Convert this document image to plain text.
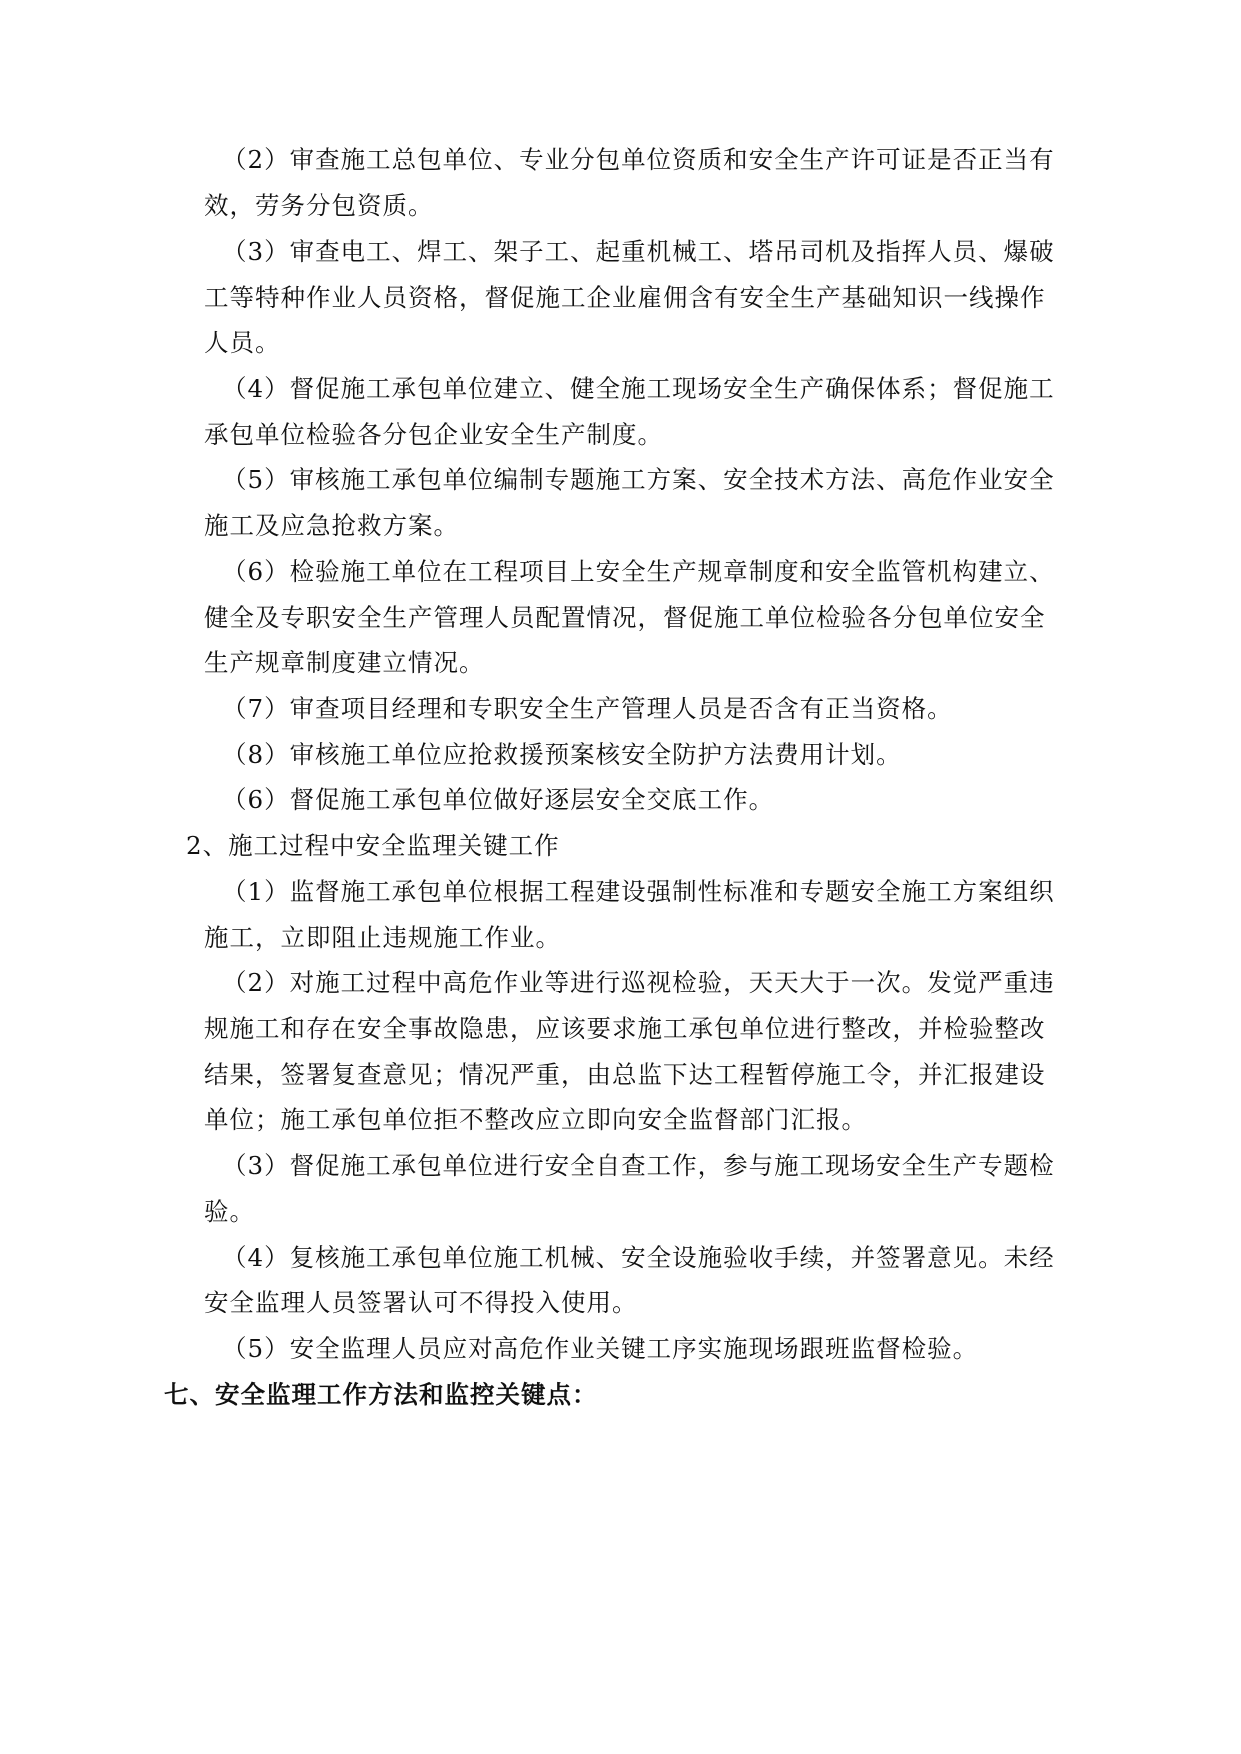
（2）审查施工总包单位、专业分包单位资质和安全生产许可证是否正当有
效，劳务分包资质。
（3）审查电工、焊工、架子工、起重机械工、塔吊司机及指挥人员、爆破
工等特种作业人员资格，督促施工企业雇佣含有安全生产基础知识一线操作
人员。
（4）督促施工承包单位建立、健全施工现场安全生产确保体系；督促施工
承包单位检验各分包企业安全生产制度。
（5）审核施工承包单位编制专题施工方案、安全技术方法、高危作业安全
施工及应急抢救方案。
（6）检验施工单位在工程项目上安全生产规章制度和安全监管机构建立、
健全及专职安全生产管理人员配置情况，督促施工单位检验各分包单位安全
生产规章制度建立情况。
（7）审查项目经理和专职安全生产管理人员是否含有正当资格。
（8）审核施工单位应抢救援预案核安全防护方法费用计划。
（6）督促施工承包单位做好逐层安全交底工作。
2、施工过程中安全监理关键工作
（1）监督施工承包单位根据工程建设强制性标准和专题安全施工方案组织
施工，立即阻止违规施工作业。
（2）对施工过程中高危作业等进行巡视检验，天天大于一次。发觉严重违
规施工和存在安全事故隐患，应该要求施工承包单位进行整改，并检验整改
结果，签署复查意见；情况严重，由总监下达工程暂停施工令，并汇报建设
单位；施工承包单位拒不整改应立即向安全监督部门汇报。
（3）督促施工承包单位进行安全自查工作，参与施工现场安全生产专题检
验。
（4）复核施工承包单位施工机械、安全设施验收手续，并签署意见。未经
安全监理人员签署认可不得投入使用。
（5）安全监理人员应对高危作业关键工序实施现场跟班监督检验。
七、安全监理工作方法和监控关键点：
